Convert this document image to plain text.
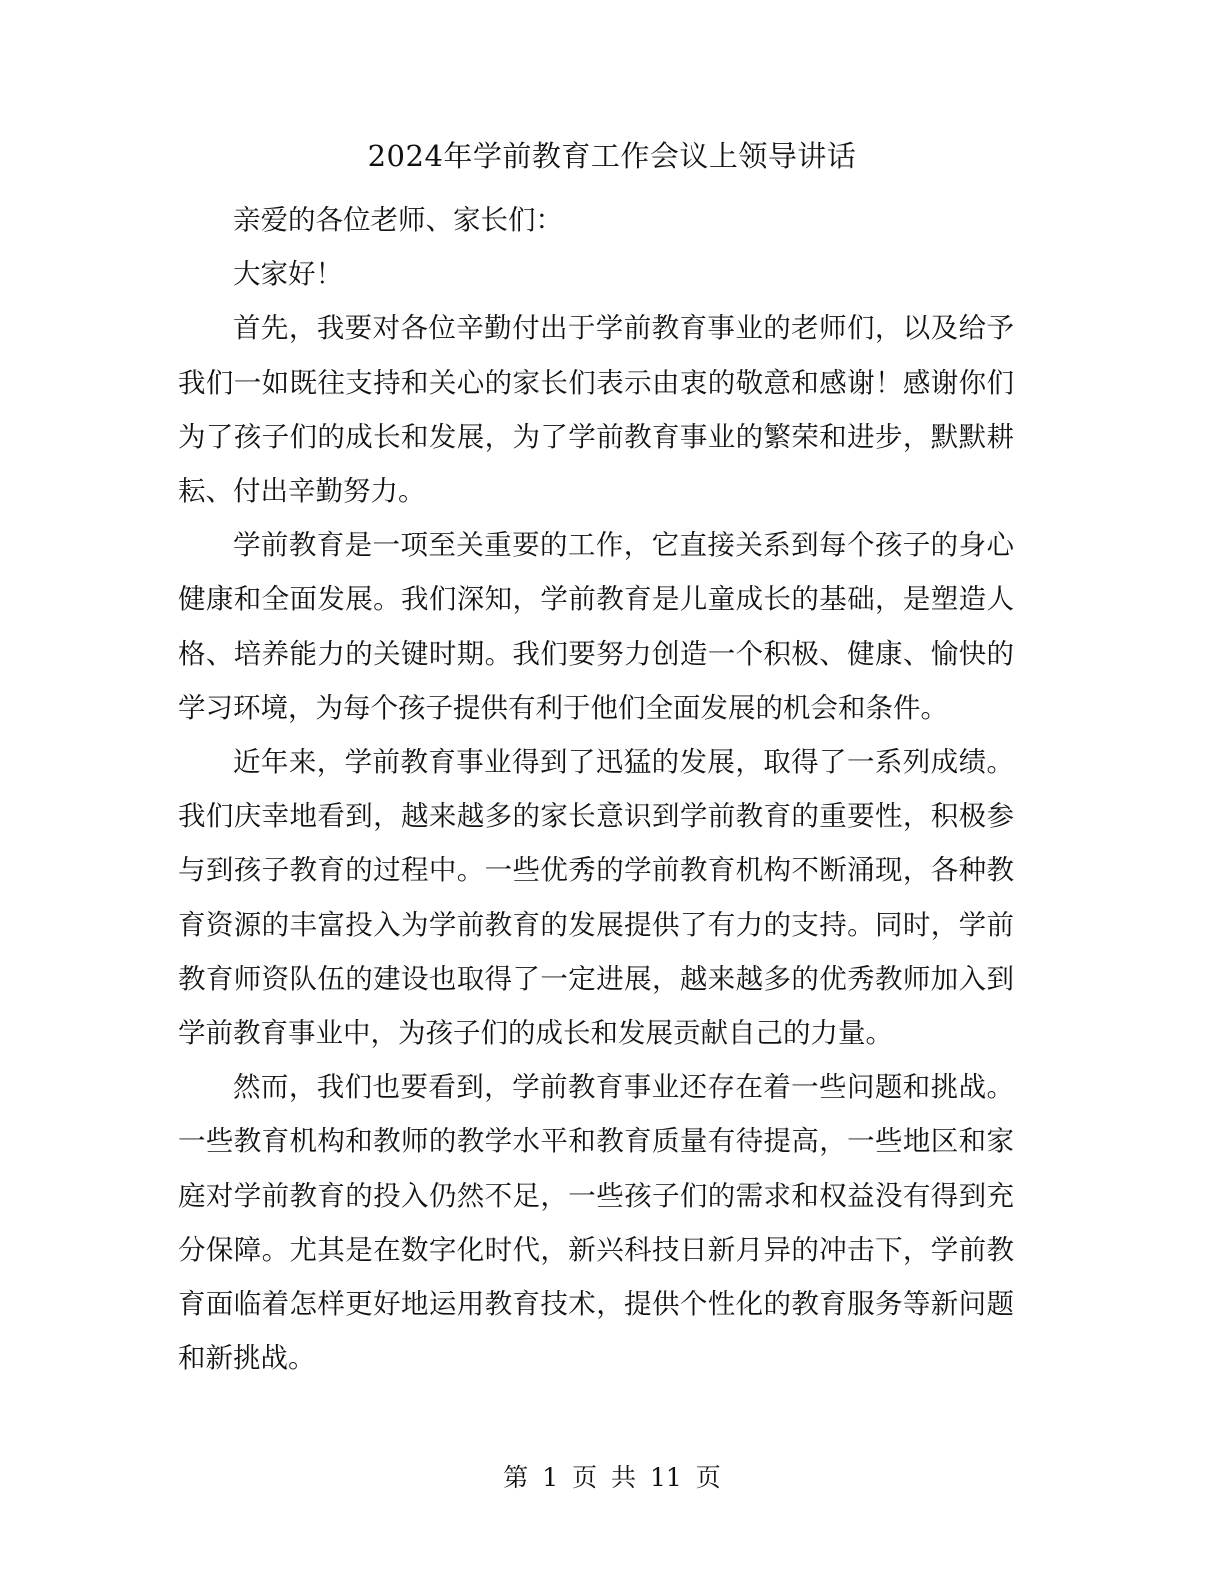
2024年学前教育工作会议上领导讲话

亲爱的各位老师、家长们：

大家好！

首先，我要对各位辛勤付出于学前教育事业的老师们，以及给予我们一如既往支持和关心的家长们表示由衷的敬意和感谢！感谢你们为了孩子们的成长和发展，为了学前教育事业的繁荣和进步，默默耕耘、付出辛勤努力。

学前教育是一项至关重要的工作，它直接关系到每个孩子的身心健康和全面发展。我们深知，学前教育是儿童成长的基础，是塑造人格、培养能力的关键时期。我们要努力创造一个积极、健康、愉快的学习环境，为每个孩子提供有利于他们全面发展的机会和条件。

近年来，学前教育事业得到了迅猛的发展，取得了一系列成绩。我们庆幸地看到，越来越多的家长意识到学前教育的重要性，积极参与到孩子教育的过程中。一些优秀的学前教育机构不断涌现，各种教育资源的丰富投入为学前教育的发展提供了有力的支持。同时，学前教育师资队伍的建设也取得了一定进展，越来越多的优秀教师加入到学前教育事业中，为孩子们的成长和发展贡献自己的力量。

然而，我们也要看到，学前教育事业还存在着一些问题和挑战。一些教育机构和教师的教学水平和教育质量有待提高，一些地区和家庭对学前教育的投入仍然不足，一些孩子们的需求和权益没有得到充分保障。尤其是在数字化时代，新兴科技日新月异的冲击下，学前教育面临着怎样更好地运用教育技术，提供个性化的教育服务等新问题和新挑战。

第 1 页 共 11 页
